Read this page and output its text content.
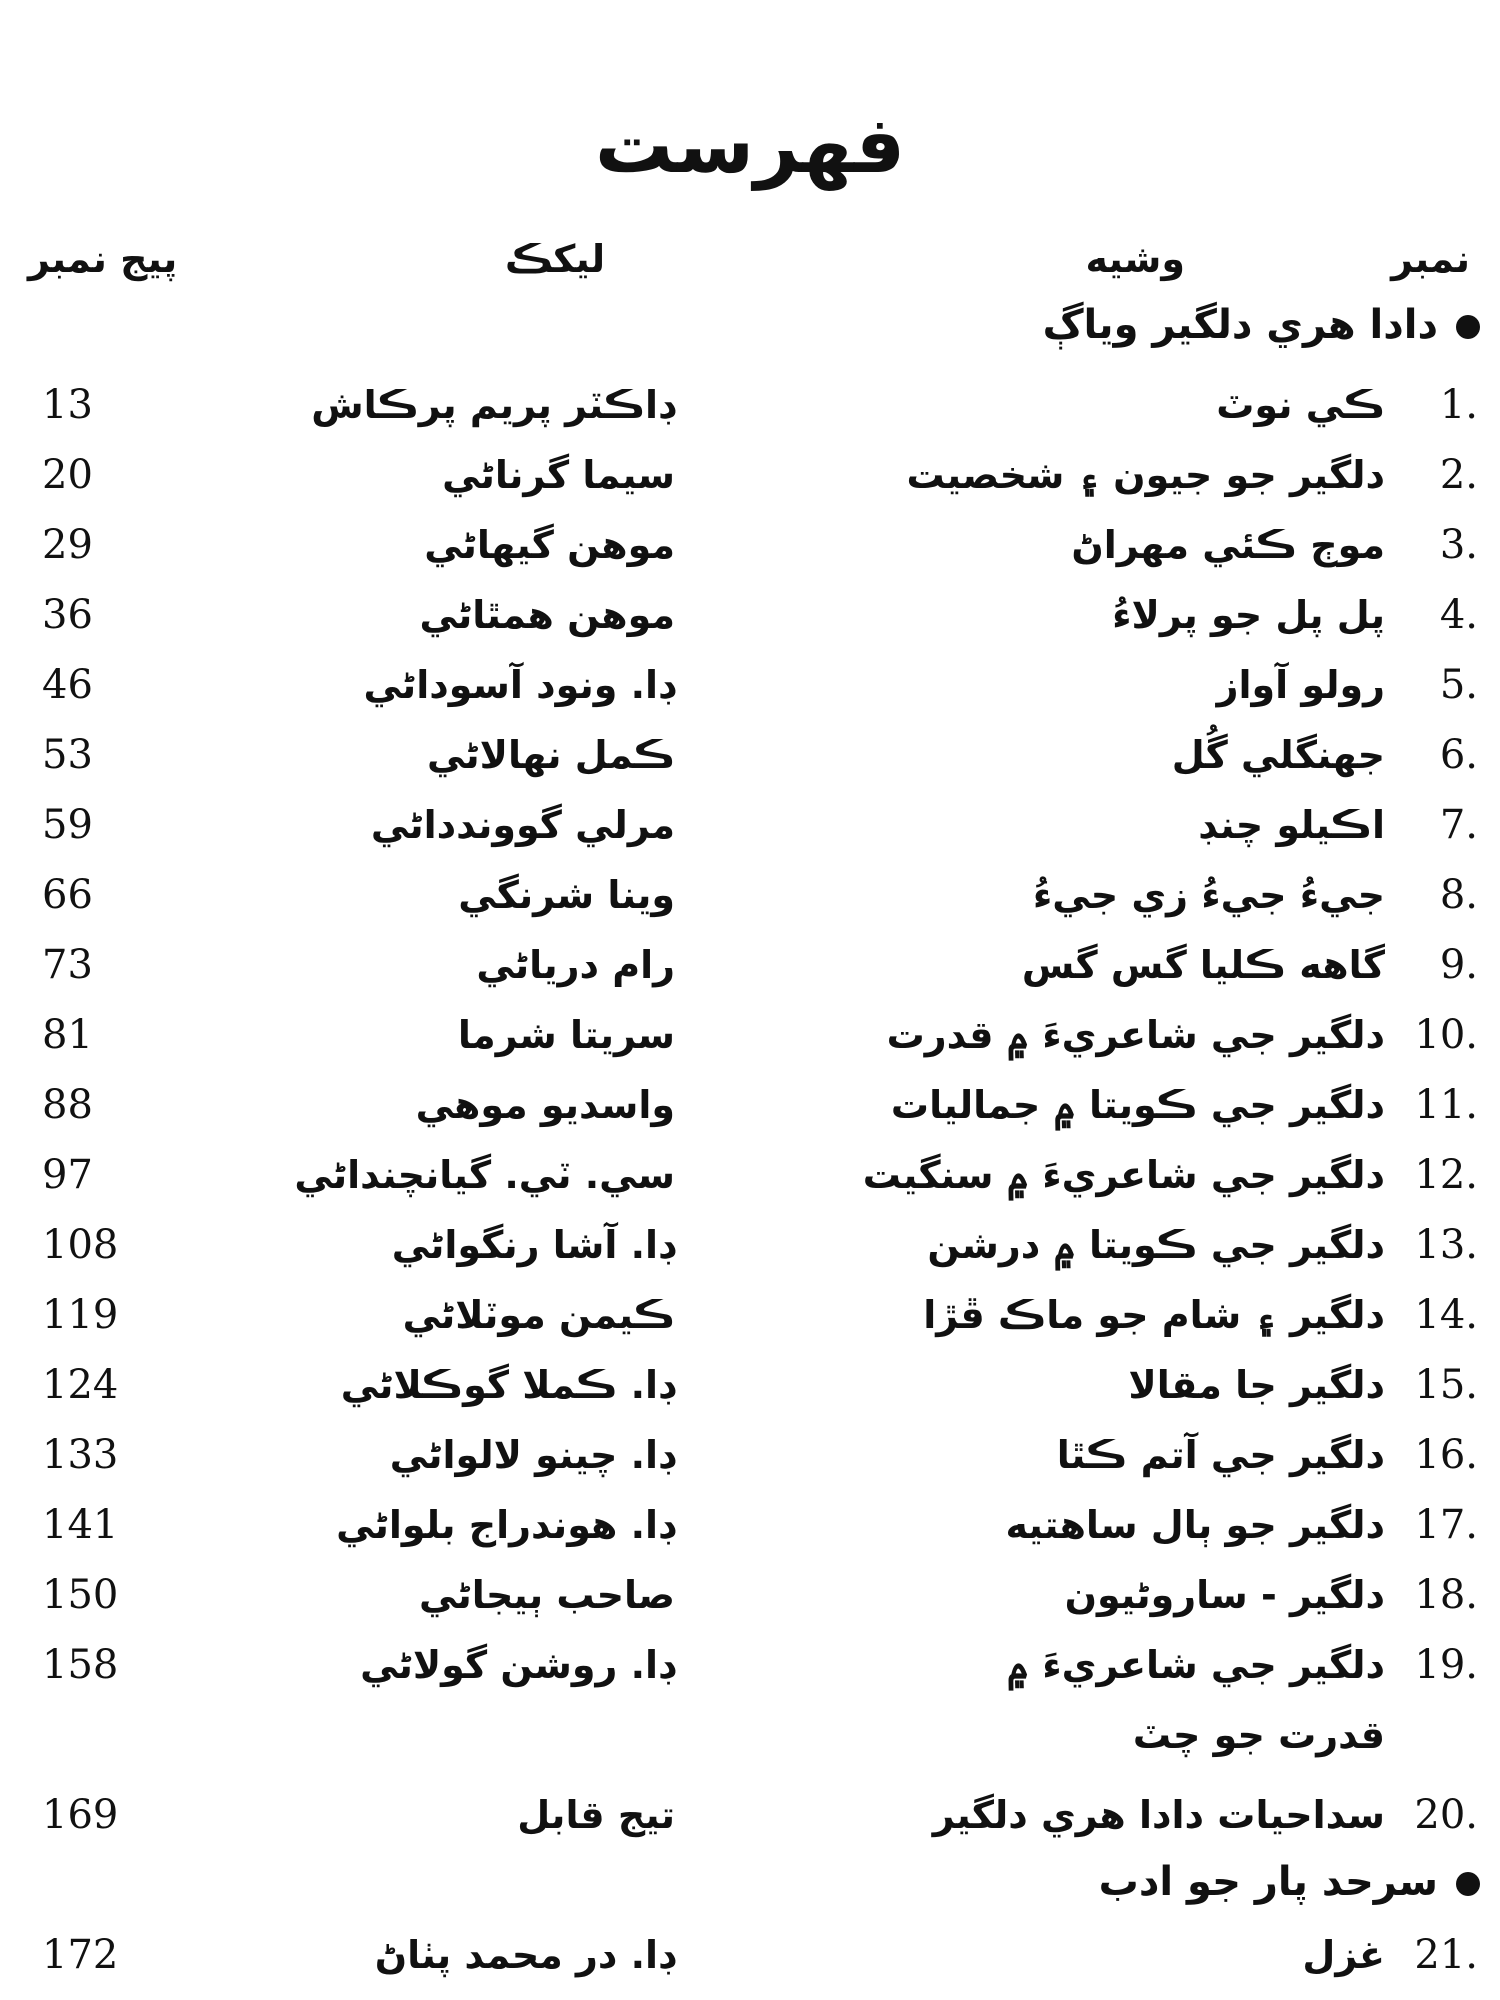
فهرست
نمبر
وشيه
ليکڪ
پيج نمبر
دادا هري دلگير وياڳ
1.
ڪي نوٽ
ڊاڪٽر پريم پرڪاش
13
2.
دلگير جو جيون ۽ شخصيت
سيما گرناڻي
20
3.
موڄ ڪئي مهراڻ
موهن گيهاڻي
29
4.
پل پل جو پرلاءُ
موهن همٿاڻي
36
5.
رولو آواز
ڊا. ونود آسوداڻي
46
6.
جهنگلي گُل
ڪمل نهالاڻي
53
7.
اڪيلو چنڊ
مرلي گووندداڻي
59
8.
جيءُ جيءُ زي جيءُ
وينا شرنگي
66
9.
گاهه ڪليا گس گس
رام درياڻي
73
10.
دلگير جي شاعريءَ ۾ قدرت
سريتا شرما
81
11.
دلگير جي ڪويتا ۾ جماليات
واسديو موهي
88
12.
دلگير جي شاعريءَ ۾ سنگيت
سي. ٽي. گيانچنداڻي
97
13.
دلگير جي ڪويتا ۾ درشن
ڊا. آشا رنگواڻي
108
14.
دلگير ۽ شام جو ماڪ ڦڙا
ڪيمن موٽلاڻي
119
15.
دلگير جا مقالا
ڊا. ڪملا گوڪلاڻي
124
16.
دلگير جي آتم ڪٿا
ڊا. چينو لالواڻي
133
17.
دلگير جو ٻال ساهتيه
ڊا. هوندراج بلواڻي
141
18.
دلگير - ساروڻيون
صاحب ٻيجاڻي
150
19.
دلگير جي شاعريءَ ۾
ڊا. روشن گولاڻي
158
قدرت جو چٽ
20.
سداحيات دادا هري دلگير
تيج قابل
169
سرحد پار جو ادب
21.
غزل
ڊا. در محمد پٺاڻ
172
